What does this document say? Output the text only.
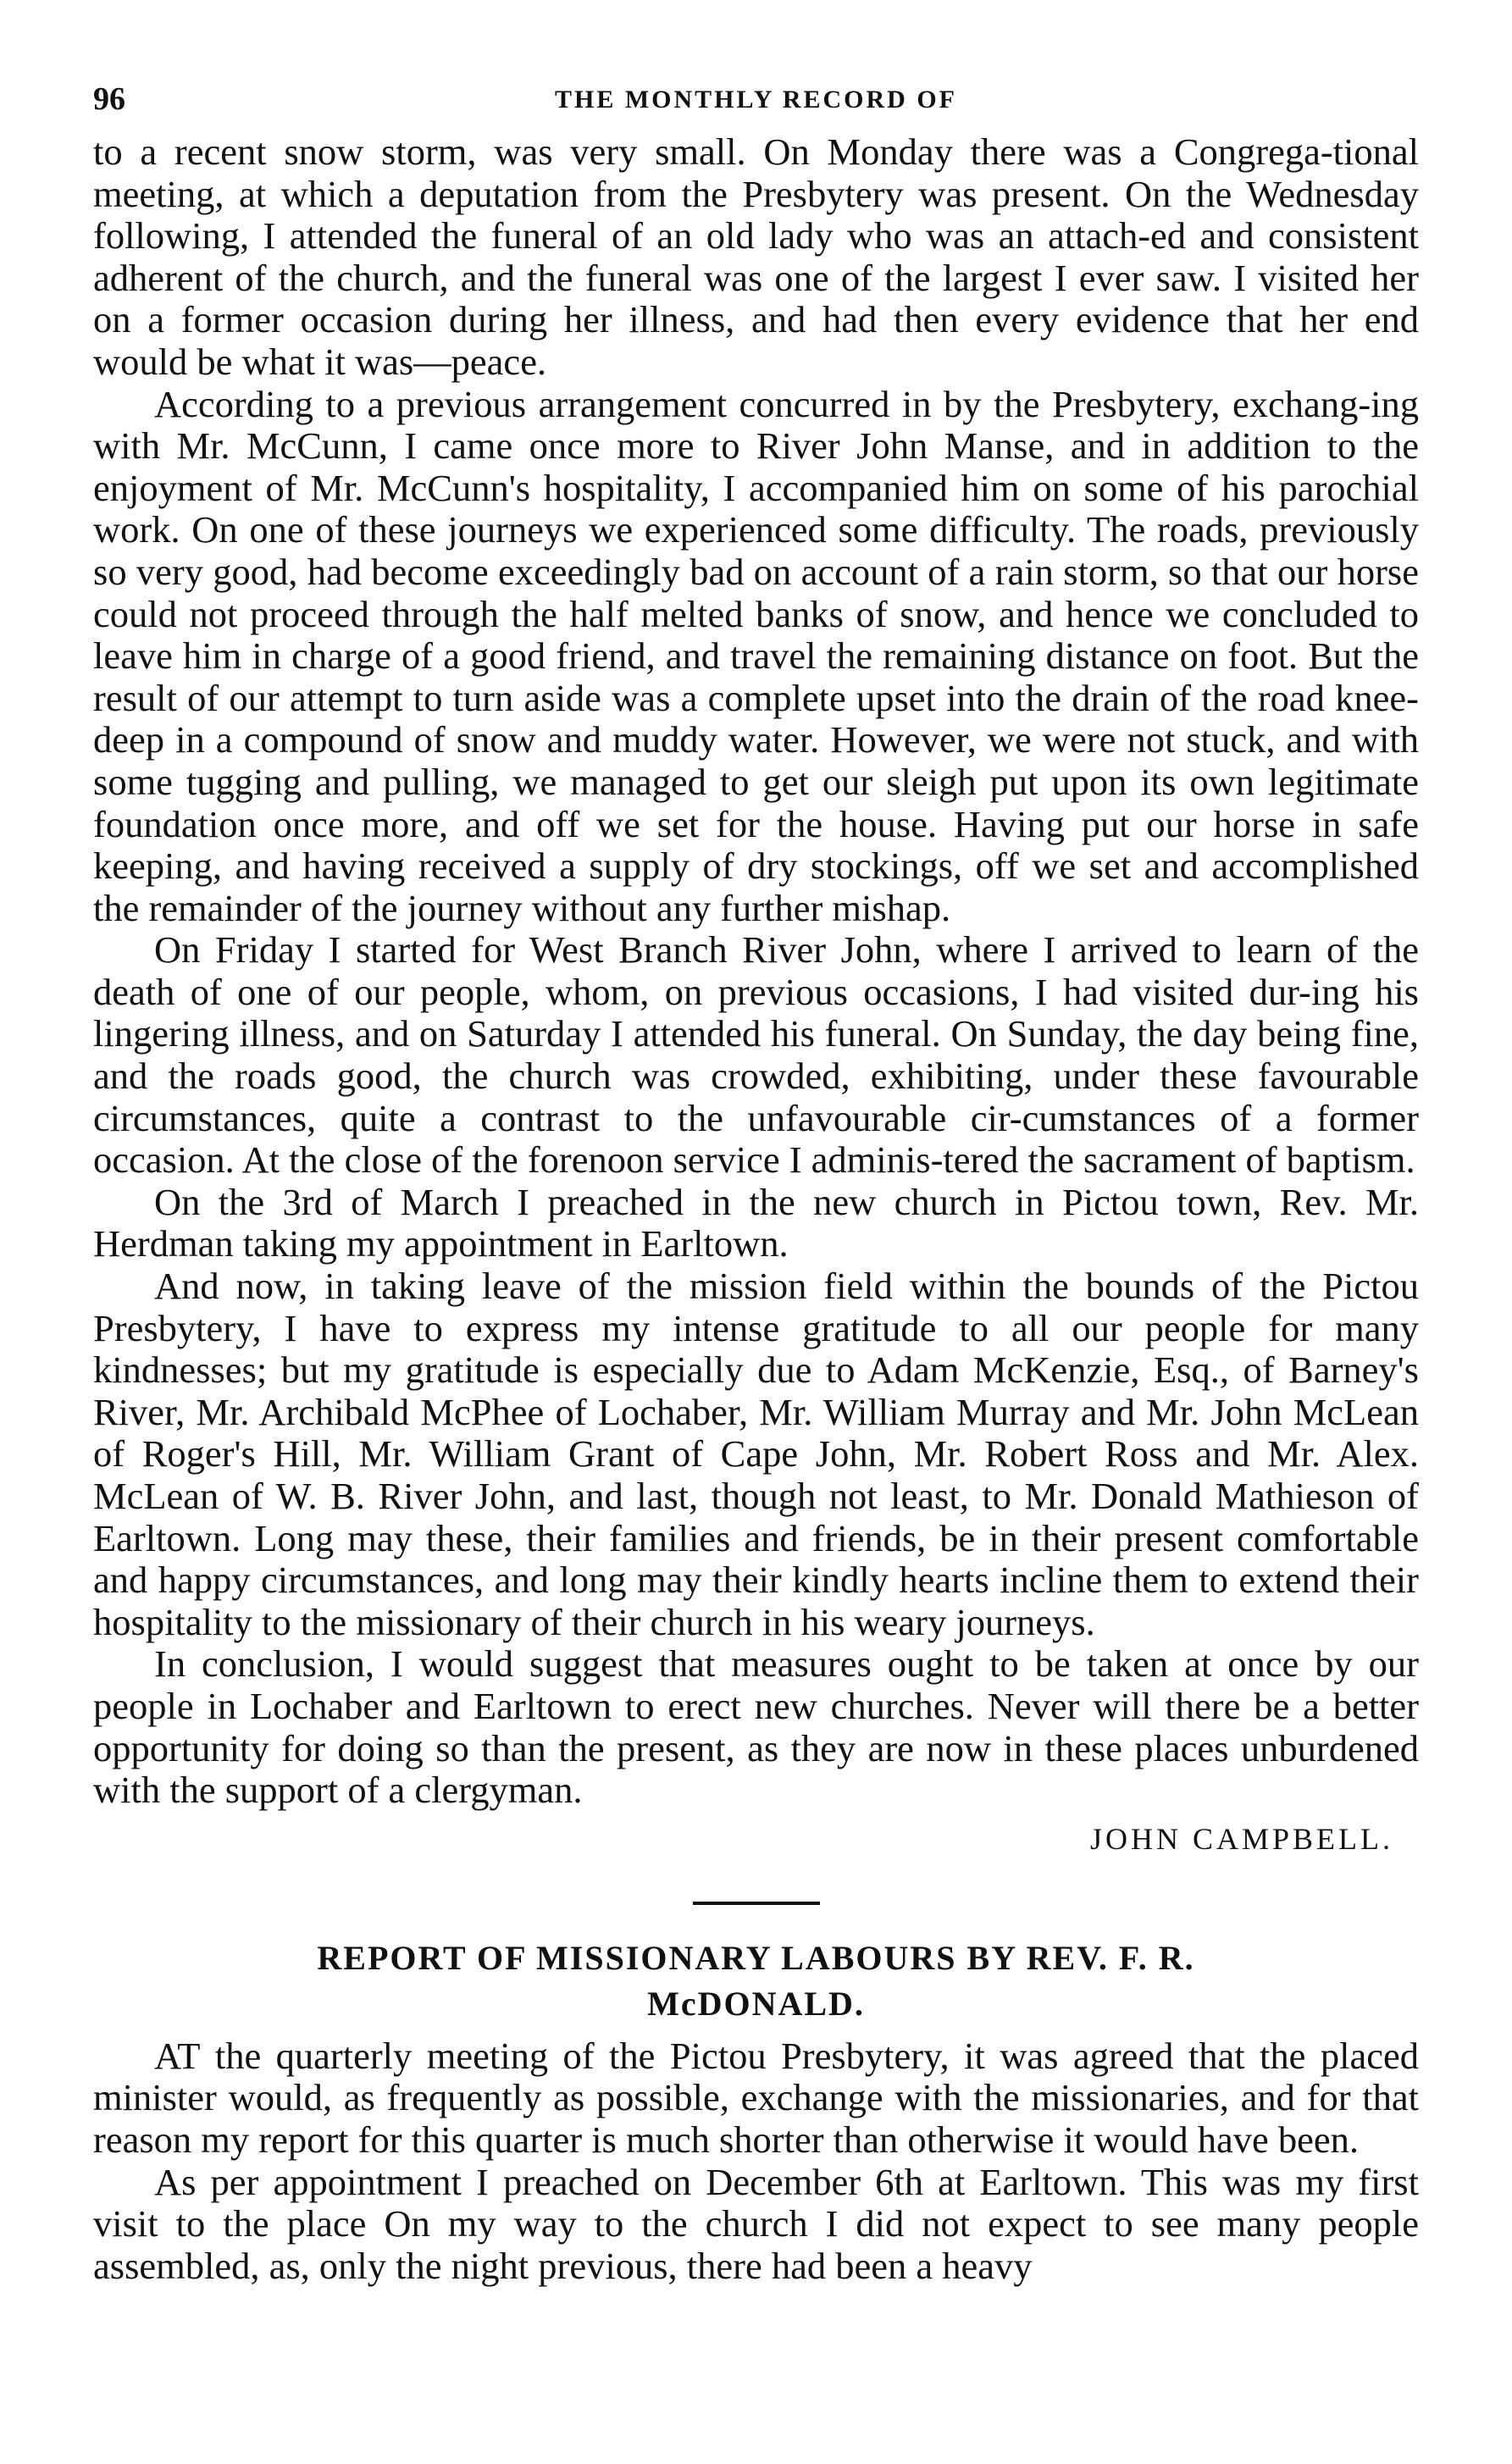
96	THE MONTHLY RECORD OF

to a recent snow storm, was very small. On Monday there was a Congrega-tional meeting, at which a deputation from the Presbytery was present. On the Wednesday following, I attended the funeral of an old lady who was an attach-ed and consistent adherent of the church, and the funeral was one of the largest I ever saw. I visited her on a former occasion during her illness, and had then every evidence that her end would be what it was—peace.

According to a previous arrangement concurred in by the Presbytery, exchang-ing with Mr. McCunn, I came once more to River John Manse, and in addition to the enjoyment of Mr. McCunn's hospitality, I accompanied him on some of his parochial work. On one of these journeys we experienced some difficulty. The roads, previously so very good, had become exceedingly bad on account of a rain storm, so that our horse could not proceed through the half melted banks of snow, and hence we concluded to leave him in charge of a good friend, and travel the remaining distance on foot. But the result of our attempt to turn aside was a complete upset into the drain of the road knee-deep in a compound of snow and muddy water. However, we were not stuck, and with some tugging and pulling, we managed to get our sleigh put upon its own legitimate foundation once more, and off we set for the house. Having put our horse in safe keeping, and having received a supply of dry stockings, off we set and accomplished the remainder of the journey without any further mishap.

On Friday I started for West Branch River John, where I arrived to learn of the death of one of our people, whom, on previous occasions, I had visited dur-ing his lingering illness, and on Saturday I attended his funeral. On Sunday, the day being fine, and the roads good, the church was crowded, exhibiting, under these favourable circumstances, quite a contrast to the unfavourable cir-cumstances of a former occasion. At the close of the forenoon service I adminis-tered the sacrament of baptism.

On the 3rd of March I preached in the new church in Pictou town, Rev. Mr. Herdman taking my appointment in Earltown.

And now, in taking leave of the mission field within the bounds of the Pictou Presbytery, I have to express my intense gratitude to all our people for many kindnesses; but my gratitude is especially due to Adam McKenzie, Esq., of Barney's River, Mr. Archibald McPhee of Lochaber, Mr. William Murray and Mr. John McLean of Roger's Hill, Mr. William Grant of Cape John, Mr. Robert Ross and Mr. Alex. McLean of W. B. River John, and last, though not least, to Mr. Donald Mathieson of Earltown. Long may these, their families and friends, be in their present comfortable and happy circumstances, and long may their kindly hearts incline them to extend their hospitality to the missionary of their church in his weary journeys.

In conclusion, I would suggest that measures ought to be taken at once by our people in Lochaber and Earltown to erect new churches. Never will there be a better opportunity for doing so than the present, as they are now in these places unburdened with the support of a clergyman.

JOHN CAMPBELL.
REPORT OF MISSIONARY LABOURS BY REV. F. R.
McDONALD.

AT the quarterly meeting of the Pictou Presbytery, it was agreed that the placed minister would, as frequently as possible, exchange with the missionaries, and for that reason my report for this quarter is much shorter than otherwise it would have been.

As per appointment I preached on December 6th at Earltown. This was my first visit to the place On my way to the church I did not expect to see many people assembled, as, only the night previous, there had been a heavy
